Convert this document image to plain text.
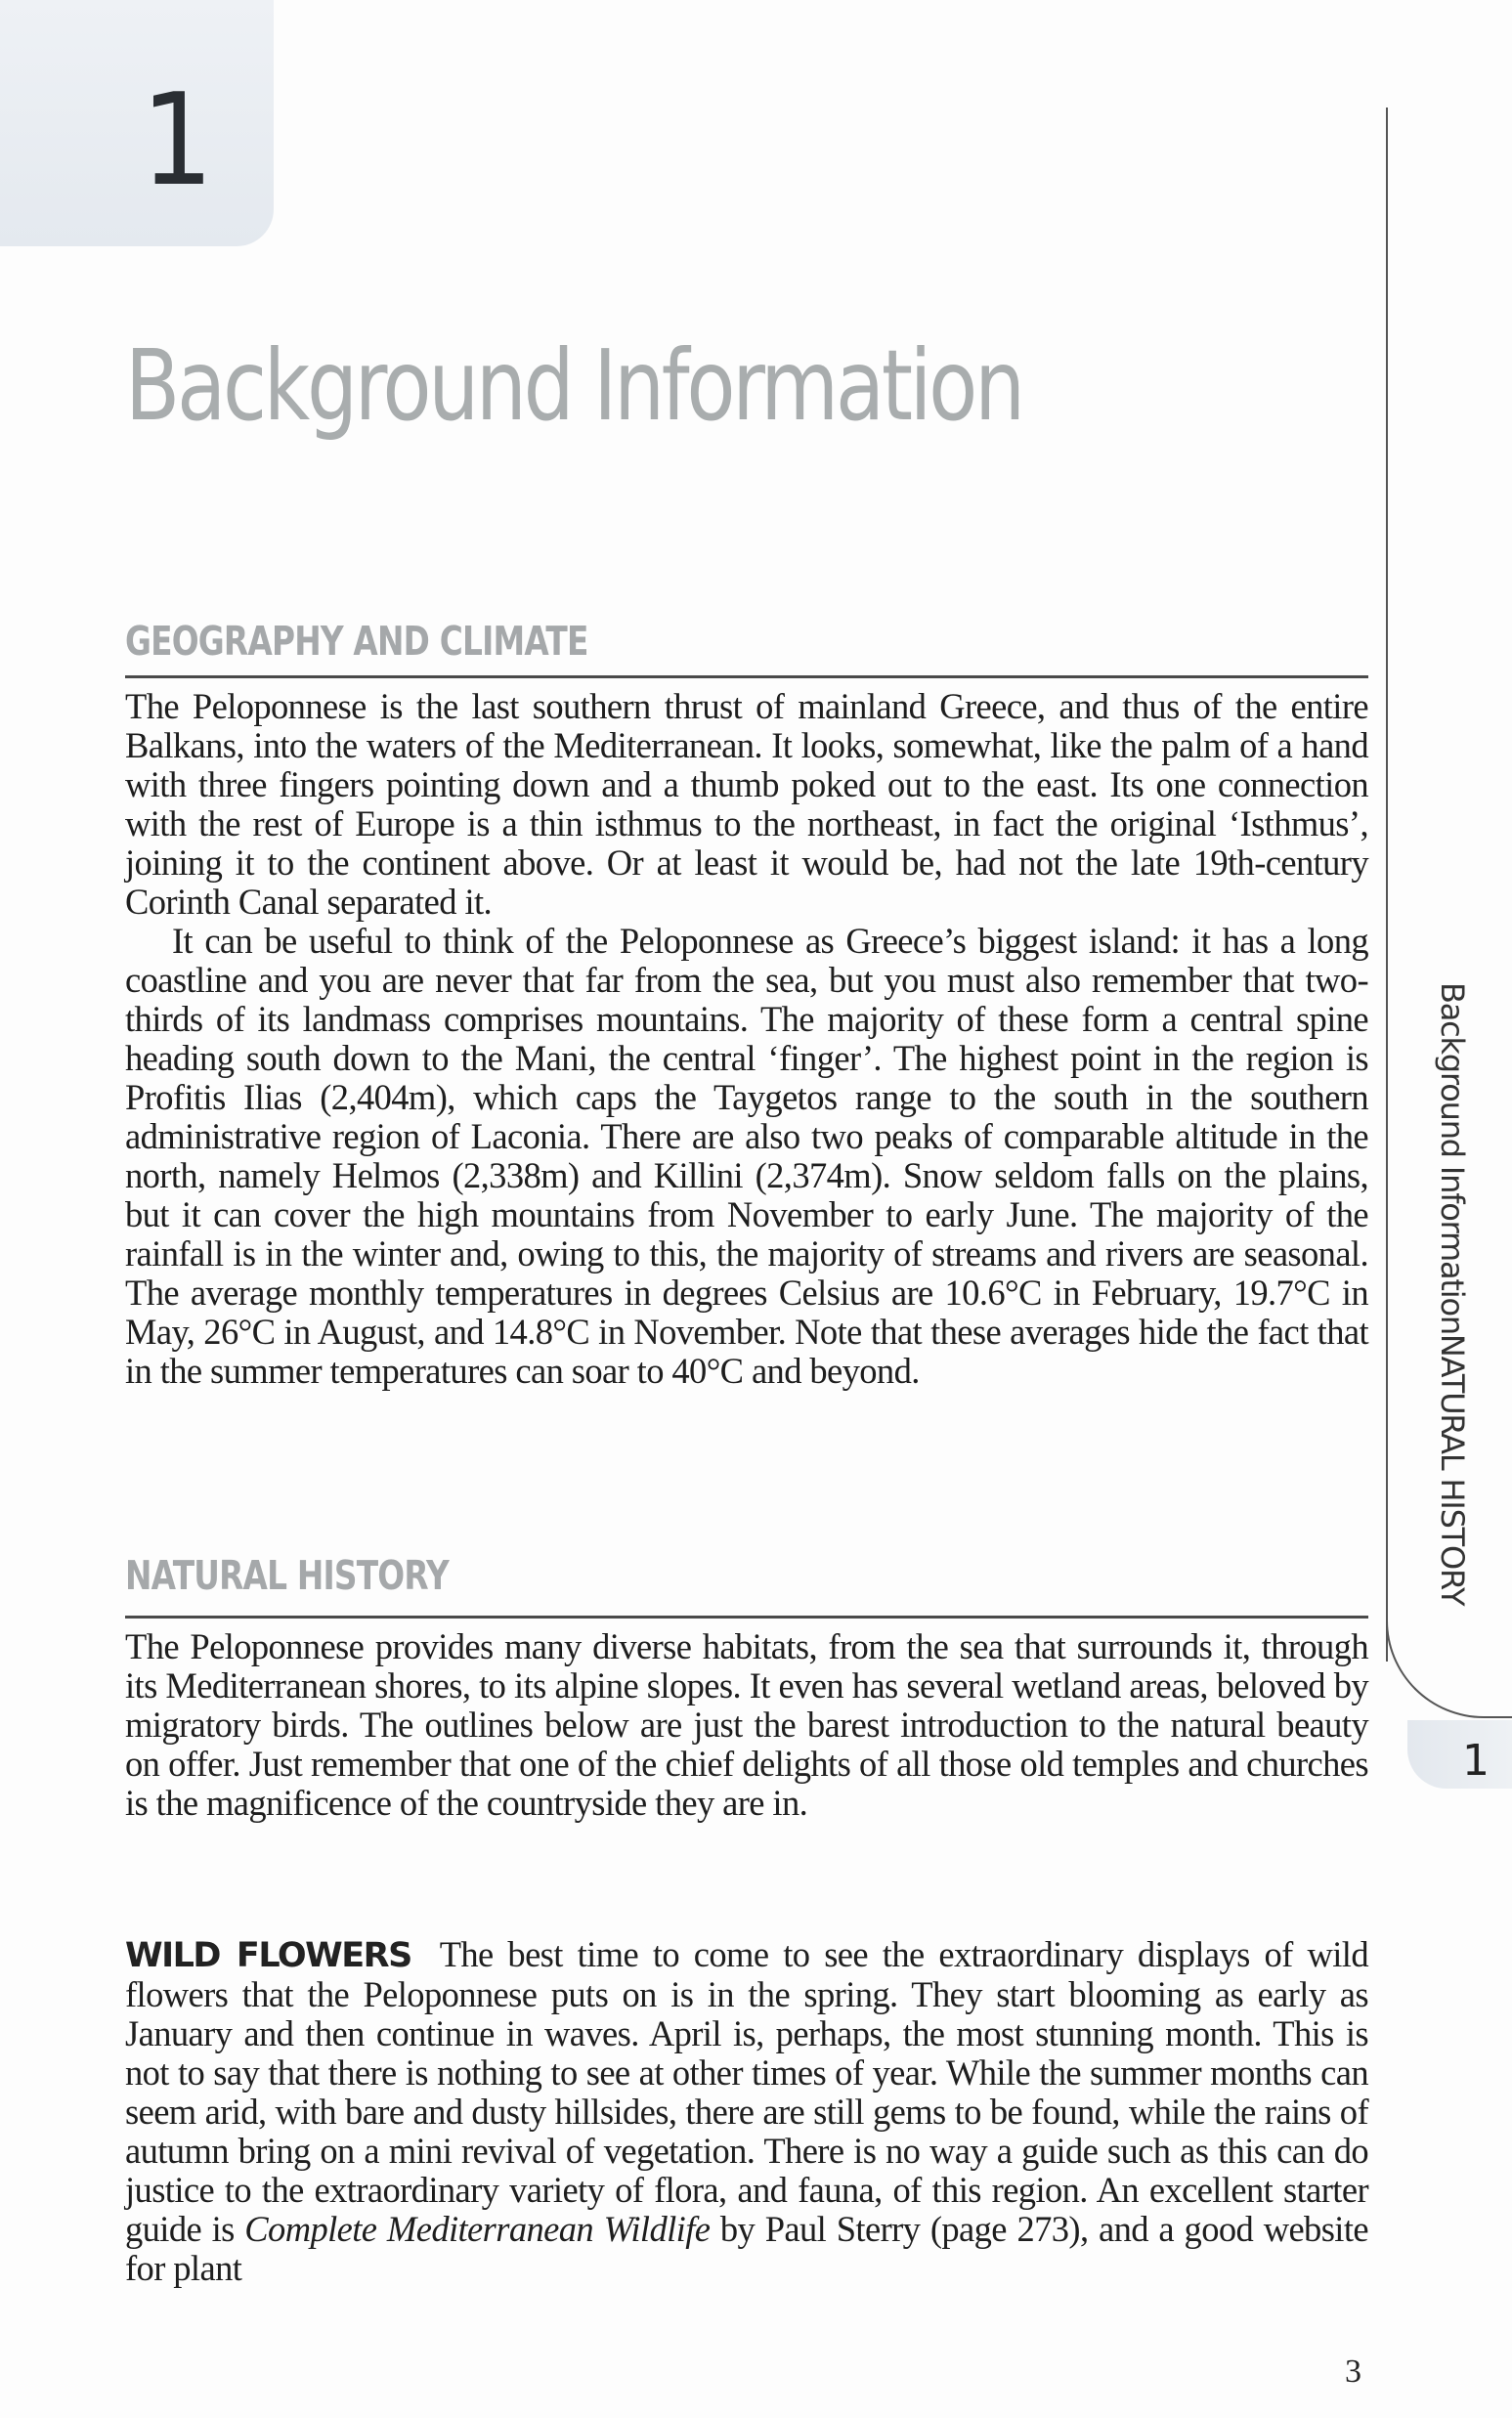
1
Background Information
GEOGRAPHY AND CLIMATE

The Peloponnese is the last southern thrust of mainland Greece, and thus of the entire Balkans, into the waters of the Mediterranean. It looks, somewhat, like the palm of a hand with three fingers pointing down and a thumb poked out to the east. Its one connection with the rest of Europe is a thin isthmus to the northeast, in fact the original ‘Isthmus’, joining it to the continent above. Or at least it would be, had not the late 19th-century Corinth Canal separated it.

It can be useful to think of the Peloponnese as Greece’s biggest island: it has a long coastline and you are never that far from the sea, but you must also remember that two-thirds of its landmass comprises mountains. The majority of these form a central spine heading south down to the Mani, the central ‘finger’. The highest point in the region is Profitis Ilias (2,404m), which caps the Taygetos range to the south in the southern administrative region of Laconia. There are also two peaks of comparable altitude in the north, namely Helmos (2,338m) and Killini (2,374m). Snow seldom falls on the plains, but it can cover the high mountains from November to early June. The majority of the rainfall is in the winter and, owing to this, the majority of streams and rivers are seasonal. The average monthly temperatures in degrees Celsius are 10.6°C in February, 19.7°C in May, 26°C in August, and 14.8°C in November. Note that these averages hide the fact that in the summer temperatures can soar to 40°C and beyond.

NATURAL HISTORY

The Peloponnese provides many diverse habitats, from the sea that surrounds it, through its Mediterranean shores, to its alpine slopes. It even has several wetland areas, beloved by migratory birds. The outlines below are just the barest introduction to the natural beauty on offer. Just remember that one of the chief delights of all those old temples and churches is the magnificence of the countryside they are in.

WILD FLOWERS The best time to come to see the extraordinary displays of wild flowers that the Peloponnese puts on is in the spring. They start blooming as early as January and then continue in waves. April is, perhaps, the most stunning month. This is not to say that there is nothing to see at other times of year. While the summer months can seem arid, with bare and dusty hillsides, there are still gems to be found, while the rains of autumn bring on a mini revival of vegetation. There is no way a guide such as this can do justice to the extraordinary variety of flora, and fauna, of this region. An excellent starter guide is Complete Mediterranean Wildlife by Paul Sterry (page 273), and a good website for plant

1
Background InformationNATURAL HISTORY
3
